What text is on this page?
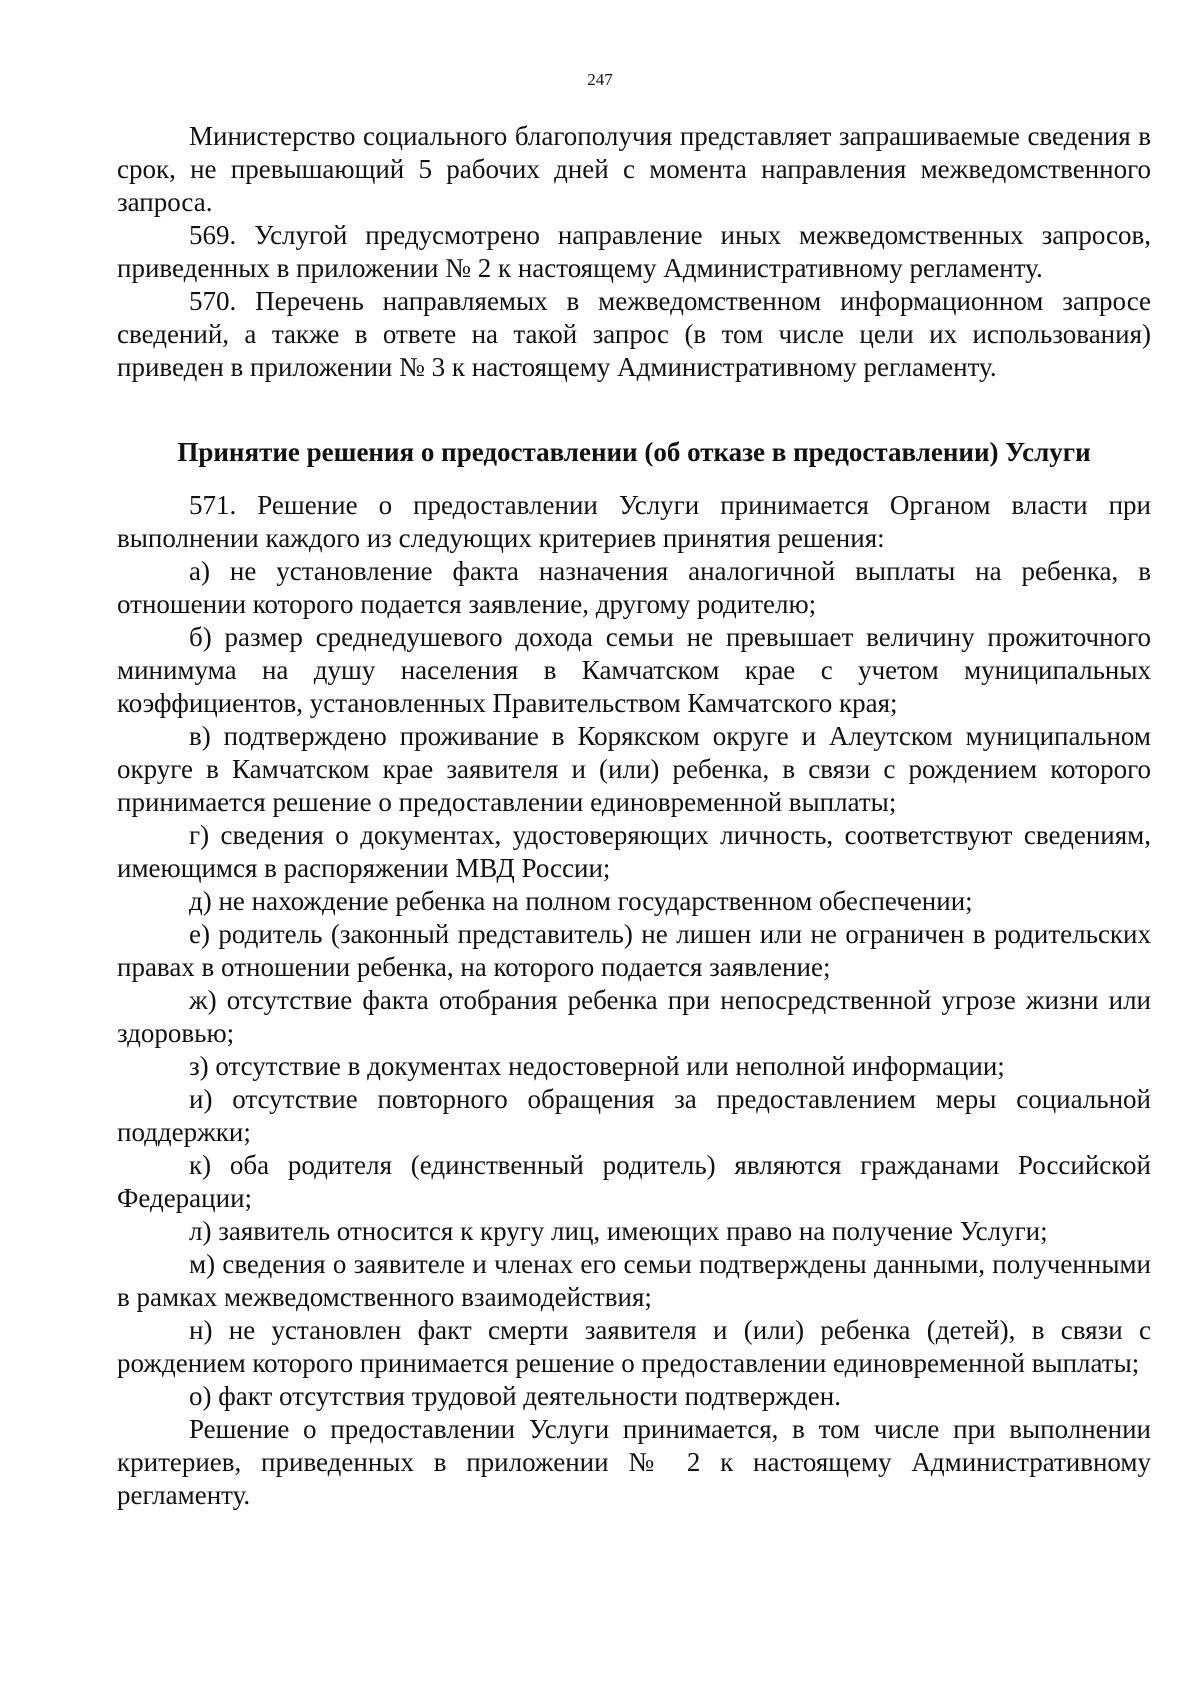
247

Министерство социального благополучия представляет запрашиваемые сведения в срок, не превышающий 5 рабочих дней с момента направления межведомственного запроса.

569. Услугой предусмотрено направление иных межведомственных запросов, приведенных в приложении № 2 к настоящему Административному регламенту.

570. Перечень направляемых в межведомственном информационном запросе сведений, а также в ответе на такой запрос (в том числе цели их использования) приведен в приложении № 3 к настоящему Административному регламенту.

Принятие решения о предоставлении (об отказе в предоставлении) Услуги

571. Решение о предоставлении Услуги принимается Органом власти при выполнении каждого из следующих критериев принятия решения:

а) не установление факта назначения аналогичной выплаты на ребенка, в отношении которого подается заявление, другому родителю;

б) размер среднедушевого дохода семьи не превышает величину прожиточного минимума на душу населения в Камчатском крае с учетом муниципальных коэффициентов, установленных Правительством Камчатского края;

в) подтверждено проживание в Корякском округе и Алеутском муниципальном округе в Камчатском крае заявителя и (или) ребенка, в связи с рождением которого принимается решение о предоставлении единовременной выплаты;

г) сведения о документах, удостоверяющих личность, соответствуют сведениям, имеющимся в распоряжении МВД России;

д) не нахождение ребенка на полном государственном обеспечении;

е) родитель (законный представитель) не лишен или не ограничен в родительских правах в отношении ребенка, на которого подается заявление;

ж) отсутствие факта отобрания ребенка при непосредственной угрозе жизни или здоровью;

з) отсутствие в документах недостоверной или неполной информации;

и) отсутствие повторного обращения за предоставлением меры социальной поддержки;

к) оба родителя (единственный родитель) являются гражданами Российской Федерации;

л) заявитель относится к кругу лиц, имеющих право на получение Услуги;

м) сведения о заявителе и членах его семьи подтверждены данными, полученными в рамках межведомственного взаимодействия;

н) не установлен факт смерти заявителя и (или) ребенка (детей), в связи с рождением которого принимается решение о предоставлении единовременной выплаты;

о) факт отсутствия трудовой деятельности подтвержден.

Решение о предоставлении Услуги принимается, в том числе при выполнении критериев, приведенных в приложении № 2 к настоящему Административному регламенту.
